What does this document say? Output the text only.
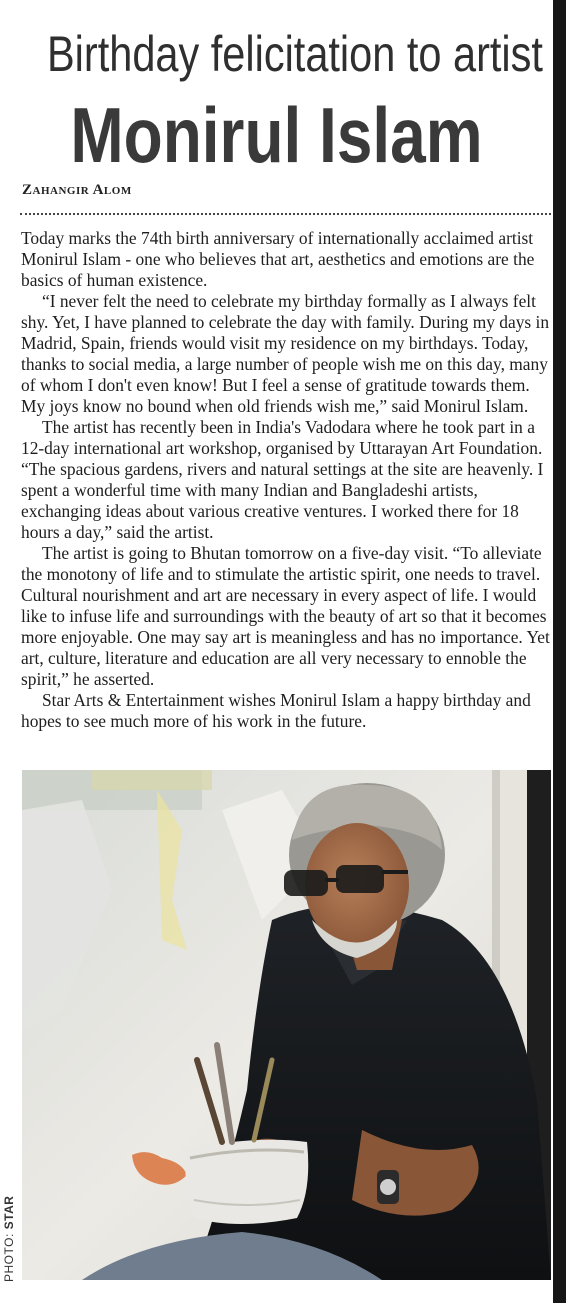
Birthday felicitation to artist
Monirul Islam
Zahangir Alom

Today marks the 74th birth anniversary of internationally acclaimed artist Monirul Islam - one who believes that art, aesthetics and emotions are the basics of human existence.

“I never felt the need to celebrate my birthday formally as I always felt shy. Yet, I have planned to celebrate the day with family. During my days in Madrid, Spain, friends would visit my residence on my birthdays. Today, thanks to social media, a large number of people wish me on this day, many of whom I don't even know! But I feel a sense of gratitude towards them. My joys know no bound when old friends wish me,” said Monirul Islam.

The artist has recently been in India's Vadodara where he took part in a 12-day international art workshop, organised by Uttarayan Art Foundation. “The spacious gardens, rivers and natural settings at the site are heavenly. I spent a wonderful time with many Indian and Bangladeshi artists, exchanging ideas about various creative ventures. I worked there for 18 hours a day,” said the artist.

The artist is going to Bhutan tomorrow on a five-day visit. “To alleviate the monotony of life and to stimulate the artistic spirit, one needs to travel. Cultural nourishment and art are necessary in every aspect of life. I would like to infuse life and surroundings with the beauty of art so that it becomes more enjoyable. One may say art is meaningless and has no importance. Yet art, culture, literature and education are all very necessary to ennoble the spirit,” he asserted.

Star Arts & Entertainment wishes Monirul Islam a happy birthday and hopes to see much more of his work in the future.

PHOTO: STAR
